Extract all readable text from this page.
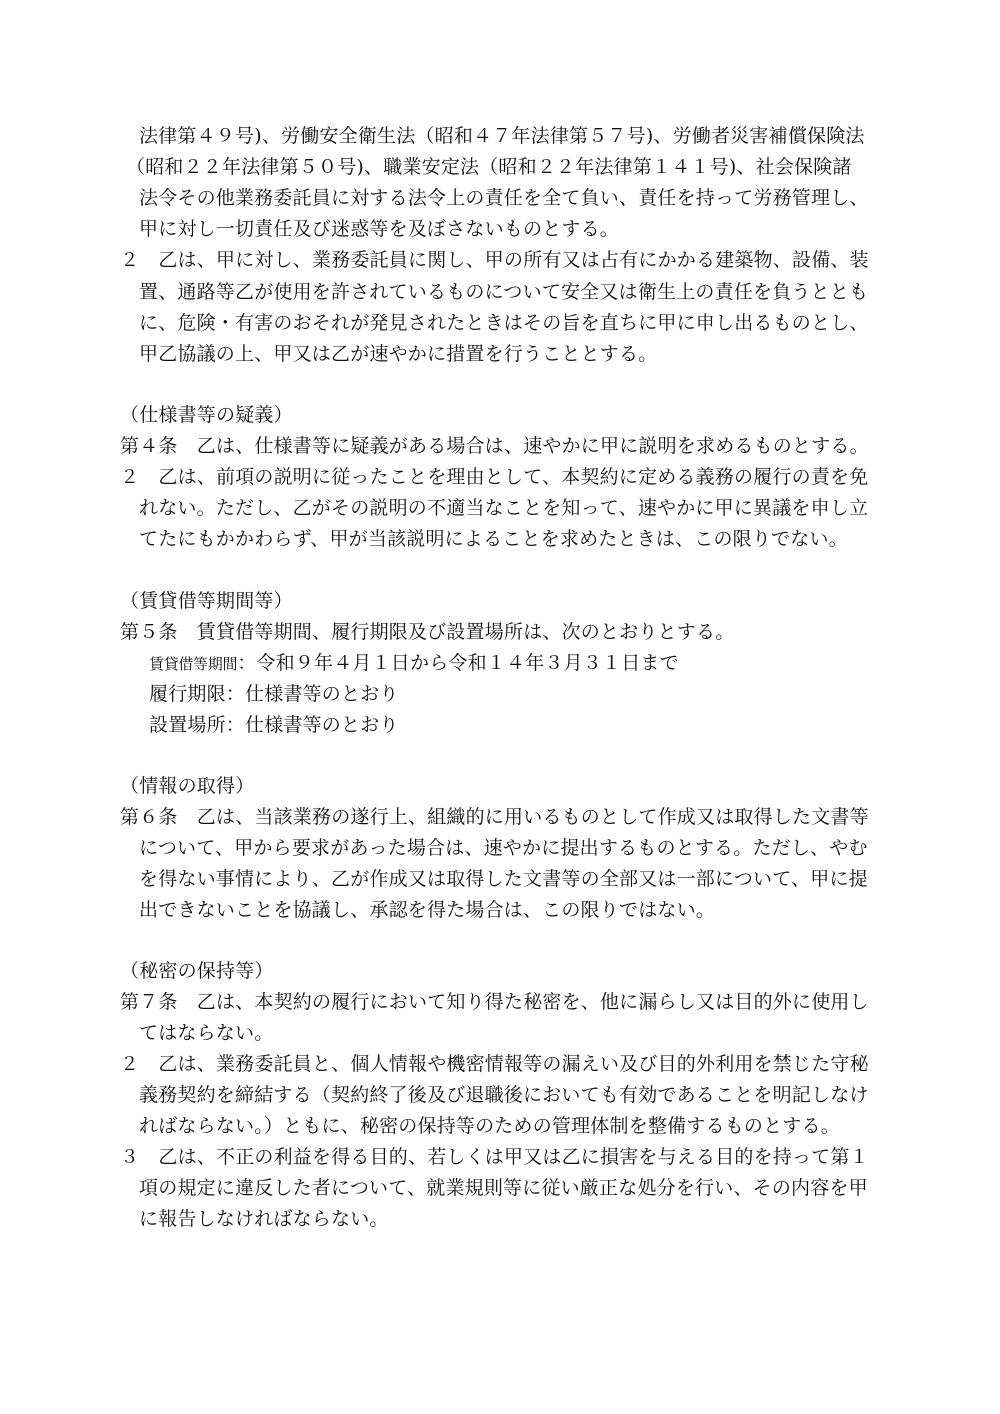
法律第４９号)、労働安全衛生法（昭和４７年法律第５７号)、労働者災害補償保険法
（昭和２２年法律第５０号)、職業安定法（昭和２２年法律第１４１号)、社会保険諸
法令その他業務委託員に対する法令上の責任を全て負い、責任を持って労務管理し、
甲に対し一切責任及び迷惑等を及ぼさないものとする。
２　乙は、甲に対し、業務委託員に関し、甲の所有又は占有にかかる建築物、設備、装
置、通路等乙が使用を許されているものについて安全又は衛生上の責任を負うととも
に、危険・有害のおそれが発見されたときはその旨を直ちに甲に申し出るものとし、
甲乙協議の上、甲又は乙が速やかに措置を行うこととする。
（仕様書等の疑義）
第４条　乙は、仕様書等に疑義がある場合は、速やかに甲に説明を求めるものとする。
２　乙は、前項の説明に従ったことを理由として、本契約に定める義務の履行の責を免
れない。ただし、乙がその説明の不適当なことを知って、速やかに甲に異議を申し立
てたにもかかわらず、甲が当該説明によることを求めたときは、この限りでない。
（賃貸借等期間等）
第５条　賃貸借等期間、履行期限及び設置場所は、次のとおりとする。
賃貸借等期間：令和９年４月１日から令和１４年３月３１日まで
履行期限：仕様書等のとおり
設置場所：仕様書等のとおり
（情報の取得）
第６条　乙は、当該業務の遂行上、組織的に用いるものとして作成又は取得した文書等
について、甲から要求があった場合は、速やかに提出するものとする。ただし、やむ
を得ない事情により、乙が作成又は取得した文書等の全部又は一部について、甲に提
出できないことを協議し、承認を得た場合は、この限りではない。
（秘密の保持等）
第７条　乙は、本契約の履行において知り得た秘密を、他に漏らし又は目的外に使用し
てはならない。
２　乙は、業務委託員と、個人情報や機密情報等の漏えい及び目的外利用を禁じた守秘
義務契約を締結する（契約終了後及び退職後においても有効であることを明記しなけ
ればならない。）ともに、秘密の保持等のための管理体制を整備するものとする。
３　乙は、不正の利益を得る目的、若しくは甲又は乙に損害を与える目的を持って第１
項の規定に違反した者について、就業規則等に従い厳正な処分を行い、その内容を甲
に報告しなければならない。
